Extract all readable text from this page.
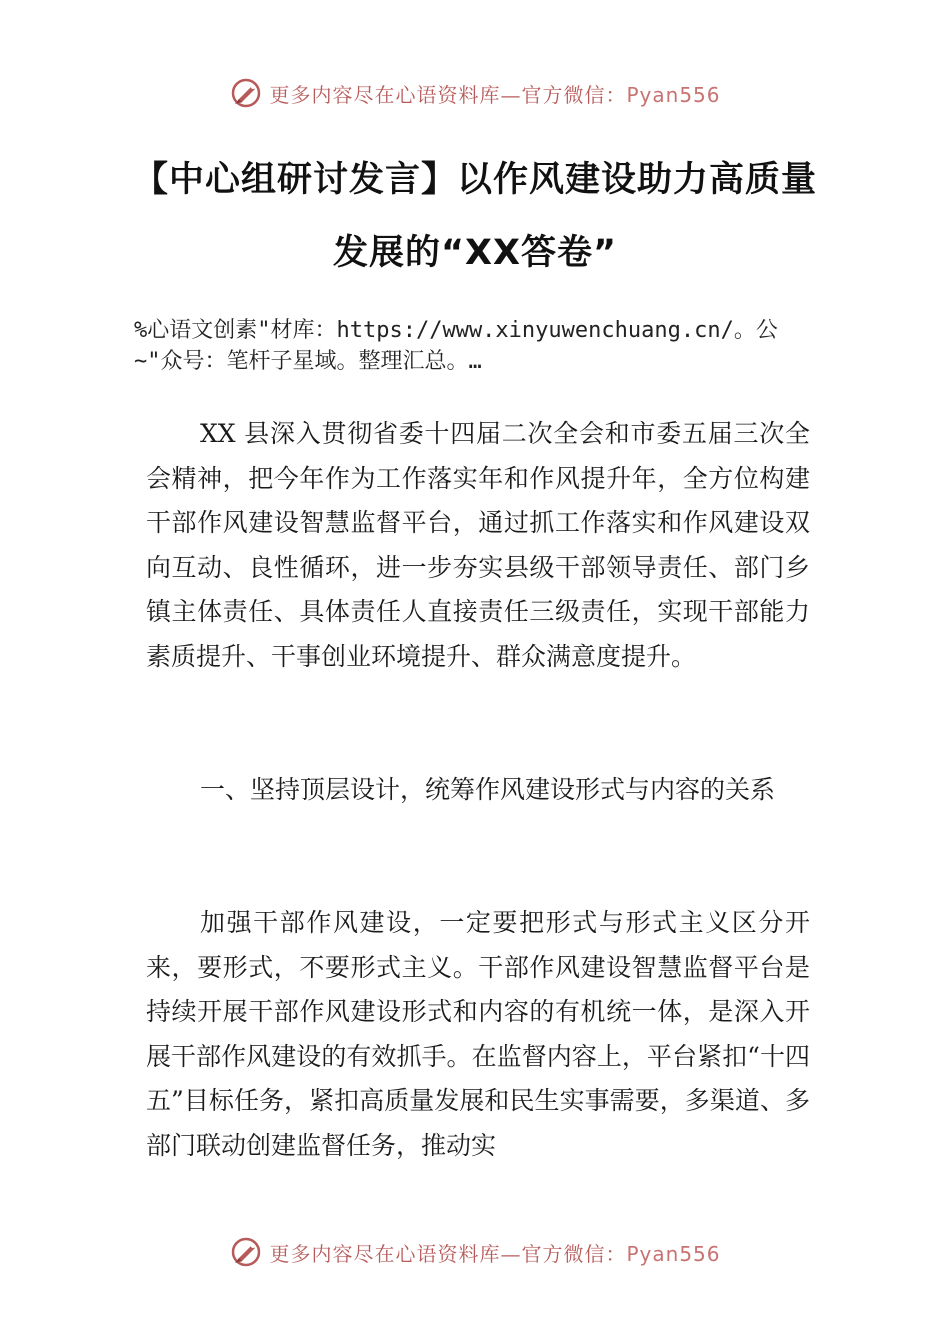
更多内容尽在心语资料库—官方微信：Pyan556
【中心组研讨发言】以作风建设助力高质量
发展的“XX答卷”
%心语文创素"材库：https://www.xinyuwenchuang.cn/。公
~"众号：笔杆子星域。整理汇总。…

XX 县深入贯彻省委十四届二次全会和市委五届三次全会精神，把今年作为工作落实年和作风提升年，全方位构建干部作风建设智慧监督平台，通过抓工作落实和作风建设双向互动、良性循环，进一步夯实县级干部领导责任、部门乡镇主体责任、具体责任人直接责任三级责任，实现干部能力素质提升、干事创业环境提升、群众满意度提升。

一、坚持顶层设计，统筹作风建设形式与内容的关系

加强干部作风建设，一定要把形式与形式主义区分开来，要形式，不要形式主义。干部作风建设智慧监督平台是持续开展干部作风建设形式和内容的有机统一体，是深入开展干部作风建设的有效抓手。在监督内容上，平台紧扣“十四五”目标任务，紧扣高质量发展和民生实事需要，多渠道、多部门联动创建监督任务，推动实

更多内容尽在心语资料库—官方微信：Pyan556
